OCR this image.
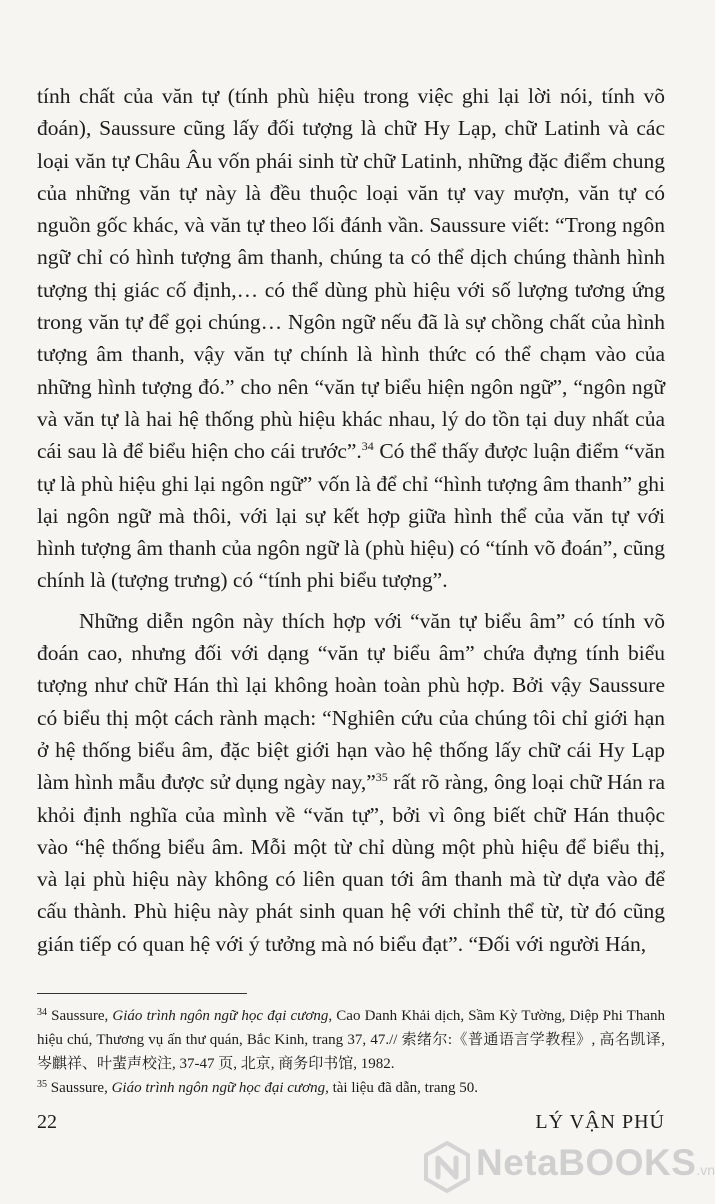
tính chất của văn tự (tính phù hiệu trong việc ghi lại lời nói, tính võ đoán), Saussure cũng lấy đối tượng là chữ Hy Lạp, chữ Latinh và các loại văn tự Châu Âu vốn phái sinh từ chữ Latinh, những đặc điểm chung của những văn tự này là đều thuộc loại văn tự vay mượn, văn tự có nguồn gốc khác, và văn tự theo lối đánh vần. Saussure viết: “Trong ngôn ngữ chỉ có hình tượng âm thanh, chúng ta có thể dịch chúng thành hình tượng thị giác cố định,… có thể dùng phù hiệu với số lượng tương ứng trong văn tự để gọi chúng… Ngôn ngữ nếu đã là sự chồng chất của hình tượng âm thanh, vậy văn tự chính là hình thức có thể chạm vào của những hình tượng đó.” cho nên “văn tự biểu hiện ngôn ngữ”, “ngôn ngữ và văn tự là hai hệ thống phù hiệu khác nhau, lý do tồn tại duy nhất của cái sau là để biểu hiện cho cái trước”.$^{34}$ Có thể thấy được luận điểm “văn tự là phù hiệu ghi lại ngôn ngữ” vốn là để chỉ “hình tượng âm thanh” ghi lại ngôn ngữ mà thôi, với lại sự kết hợp giữa hình thể của văn tự với hình tượng âm thanh của ngôn ngữ là (phù hiệu) có “tính võ đoán”, cũng chính là (tượng trưng) có “tính phi biểu tượng”.

Những diễn ngôn này thích hợp với “văn tự biểu âm” có tính võ đoán cao, nhưng đối với dạng “văn tự biểu âm” chứa đựng tính biểu tượng như chữ Hán thì lại không hoàn toàn phù hợp. Bởi vậy Saussure có biểu thị một cách rành mạch: “Nghiên cứu của chúng tôi chỉ giới hạn ở hệ thống biểu âm, đặc biệt giới hạn vào hệ thống lấy chữ cái Hy Lạp làm hình mẫu được sử dụng ngày nay,”$^{35}$ rất rõ ràng, ông loại chữ Hán ra khỏi định nghĩa của mình về “văn tự”, bởi vì ông biết chữ Hán thuộc vào “hệ thống biểu âm. Mỗi một từ chỉ dùng một phù hiệu để biểu thị, và lại phù hiệu này không có liên quan tới âm thanh mà từ dựa vào để cấu thành. Phù hiệu này phát sinh quan hệ với chỉnh thể từ, từ đó cũng gián tiếp có quan hệ với ý tưởng mà nó biểu đạt”. “Đối với người Hán,

$^{34}$ Saussure, Giáo trình ngôn ngữ học đại cương, Cao Danh Khải dịch, Sầm Kỳ Tường, Diệp Phi Thanh hiệu chú, Thương vụ ấn thư quán, Bắc Kinh, trang 37, 47.// 索绪尔:《普通语言学教程》, 高名凯译, 岑麒祥、叶蜚声校注, 37-47 页, 北京, 商务印书馆, 1982.

$^{35}$ Saussure, Giáo trình ngôn ngữ học đại cương, tài liệu đã dẫn, trang 50.

22	LÝ VẬN PHÚ
NetaBOOKS.vn
